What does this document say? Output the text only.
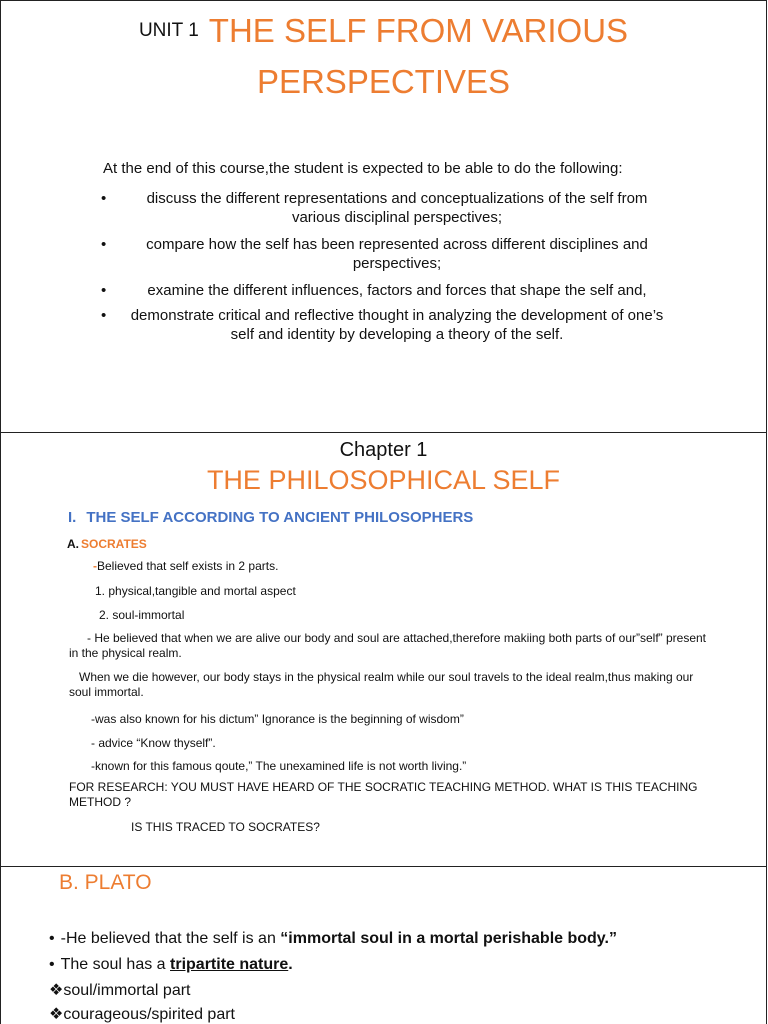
UNIT 1 THE SELF FROM VARIOUS
PERSPECTIVES
At the end of this course,the student is expected to be able to do the following:
•	discuss the different representations and conceptualizations of the self from various disciplinal perspectives;
•	compare how the self has been represented across different disciplines and perspectives;
•	examine the different influences, factors and forces that shape the self and,
• demonstrate critical and reflective thought in analyzing the development of one’s self and identity by developing a theory of the self.
Chapter 1
THE PHILOSOPHICAL SELF
I. THE SELF ACCORDING TO ANCIENT PHILOSOPHERS
A. SOCRATES
-Believed that self exists in 2 parts.
1. physical,tangible and mortal aspect
2. soul-immortal
- He believed that when we are alive our body and soul are attached,therefore makiing both parts of our”self” present in the physical realm.
When we die however, our body stays in the physical realm while our soul travels to the ideal realm,thus making our soul immortal.
-was also known for his dictum” Ignorance is the beginning of wisdom”
- advice “Know thyself”.
-known for this famous qoute,” The unexamined life is not worth living.”
FOR RESEARCH: YOU MUST HAVE HEARD OF THE SOCRATIC TEACHING METHOD. WHAT IS THIS TEACHING METHOD ?
IS THIS TRACED TO SOCRATES?
B. PLATO
• -He believed that the self is an “immortal soul in a mortal perishable body.”
• The soul has a tripartite nature.
❖soul/immortal part
❖courageous/spirited part
